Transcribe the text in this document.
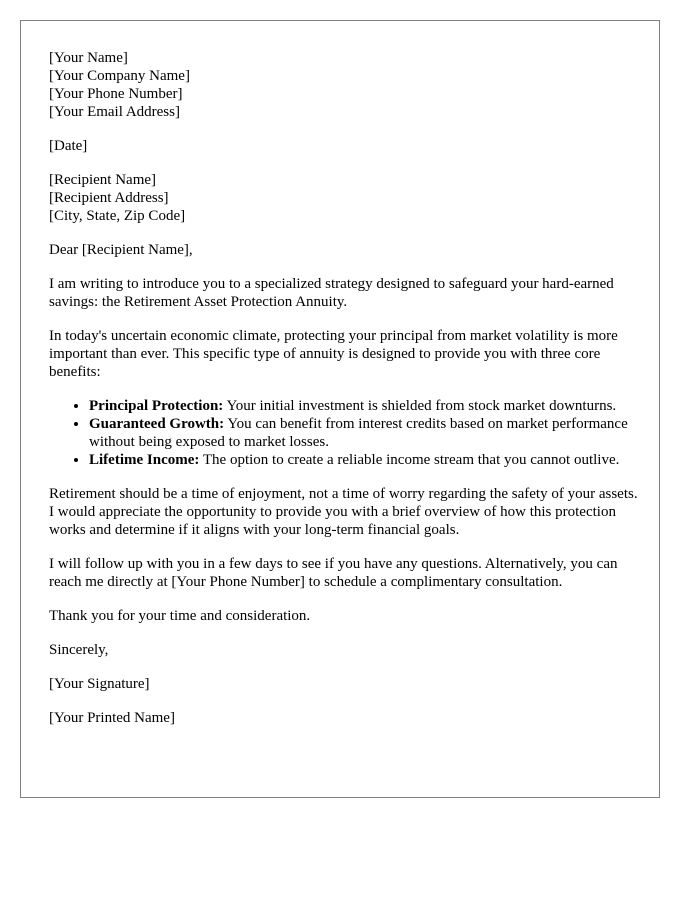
[Your Name]
[Your Company Name]
[Your Phone Number]
[Your Email Address]

[Date]

[Recipient Name]
[Recipient Address]
[City, State, Zip Code]

Dear [Recipient Name],

I am writing to introduce you to a specialized strategy designed to safeguard your hard-earned savings: the Retirement Asset Protection Annuity.

In today's uncertain economic climate, protecting your principal from market volatility is more important than ever. This specific type of annuity is designed to provide you with three core benefits:

• Principal Protection: Your initial investment is shielded from stock market downturns.
• Guaranteed Growth: You can benefit from interest credits based on market performance without being exposed to market losses.
• Lifetime Income: The option to create a reliable income stream that you cannot outlive.

Retirement should be a time of enjoyment, not a time of worry regarding the safety of your assets. I would appreciate the opportunity to provide you with a brief overview of how this protection works and determine if it aligns with your long-term financial goals.

I will follow up with you in a few days to see if you have any questions. Alternatively, you can reach me directly at [Your Phone Number] to schedule a complimentary consultation.

Thank you for your time and consideration.

Sincerely,

[Your Signature]

[Your Printed Name]
